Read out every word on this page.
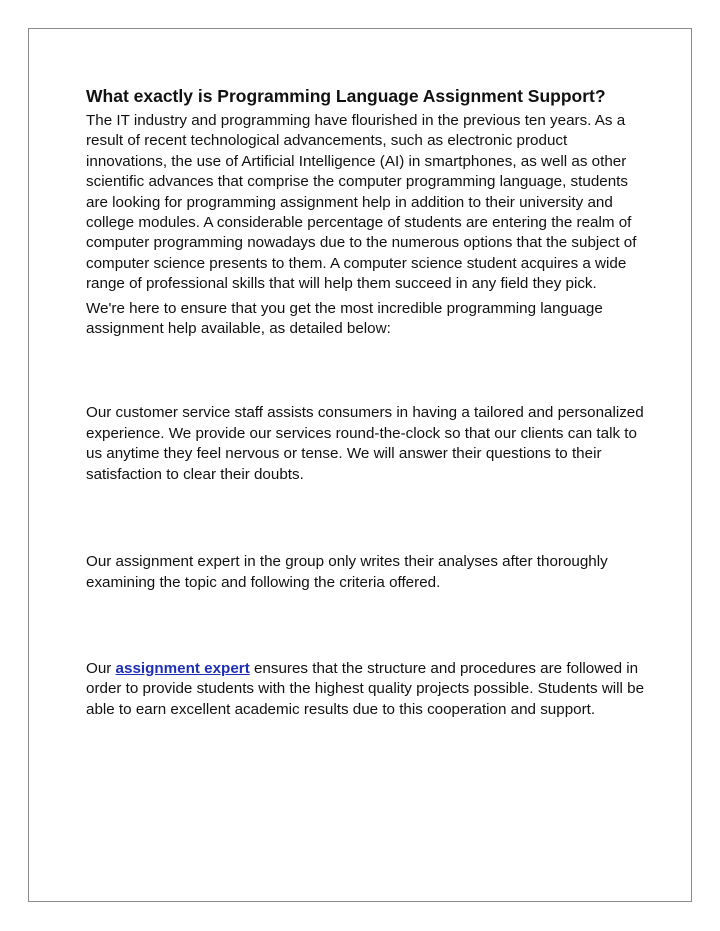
What exactly is Programming Language Assignment Support?

The IT industry and programming have flourished in the previous ten years. As a result of recent technological advancements, such as electronic product innovations, the use of Artificial Intelligence (AI) in smartphones, as well as other scientific advances that comprise the computer programming language, students are looking for programming assignment help in addition to their university and college modules. A considerable percentage of students are entering the realm of computer programming nowadays due to the numerous options that the subject of computer science presents to them. A computer science student acquires a wide range of professional skills that will help them succeed in any field they pick.

We're here to ensure that you get the most incredible programming language assignment help available, as detailed below:

Our customer service staff assists consumers in having a tailored and personalized experience. We provide our services round-the-clock so that our clients can talk to us anytime they feel nervous or tense. We will answer their questions to their satisfaction to clear their doubts.

Our assignment expert in the group only writes their analyses after thoroughly examining the topic and following the criteria offered.

Our assignment expert ensures that the structure and procedures are followed in order to provide students with the highest quality projects possible. Students will be able to earn excellent academic results due to this cooperation and support.
